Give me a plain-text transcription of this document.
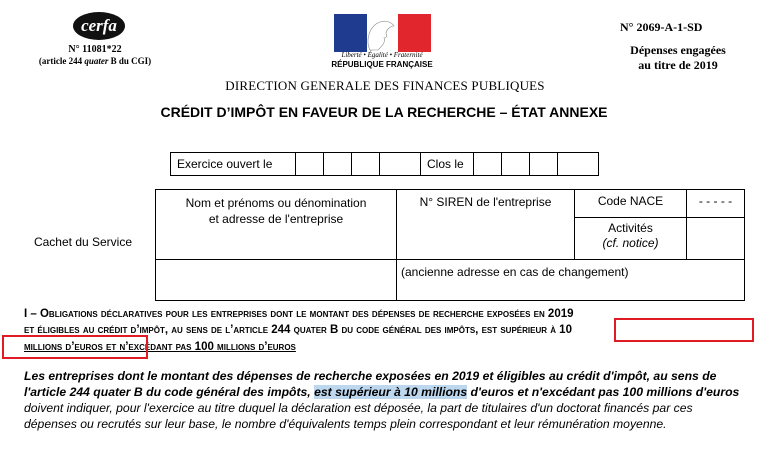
cerfa
N° 11081*22
(article 244 quater B du CGI)
Liberté • Égalité • Fraternité
RÉPUBLIQUE FRANÇAISE
N° 2069-A-1-SD
Dépenses engagées
au titre de 2019
DIRECTION GENERALE DES FINANCES PUBLIQUES
CRÉDIT D’IMPÔT EN FAVEUR DE LA RECHERCHE – ÉTAT ANNEXE
Exercice ouvert le					Clos le				
Cachet du Service
Nom et prénoms ou dénomination
et adresse de l'entreprise	N° SIREN de l'entreprise	Code NACE	- - - - -

		Activités
(cf. notice)	

	(ancienne adresse en cas de changement)		
I – Obligations déclaratives pour les entreprises dont le montant des dépenses de recherche exposées en 2019
et éligibles au crédit d’impôt, au sens de l’article 244 quater B du code général des impôts, est supérieur à 10
millions d’euros et n’excédant pas 100 millions d’euros
Les entreprises dont le montant des dépenses de recherche exposées en 2019 et éligibles au crédit d'impôt, au sens de l'article 244 quater B du code général des impôts, est supérieur à 10 millions d'euros et n'excédant pas 100 millions d'euros doivent indiquer, pour l'exercice au titre duquel la déclaration est déposée, la part de titulaires d'un doctorat financés par ces dépenses ou recrutés sur leur base, le nombre d'équivalents temps plein correspondant et leur rémunération moyenne.
